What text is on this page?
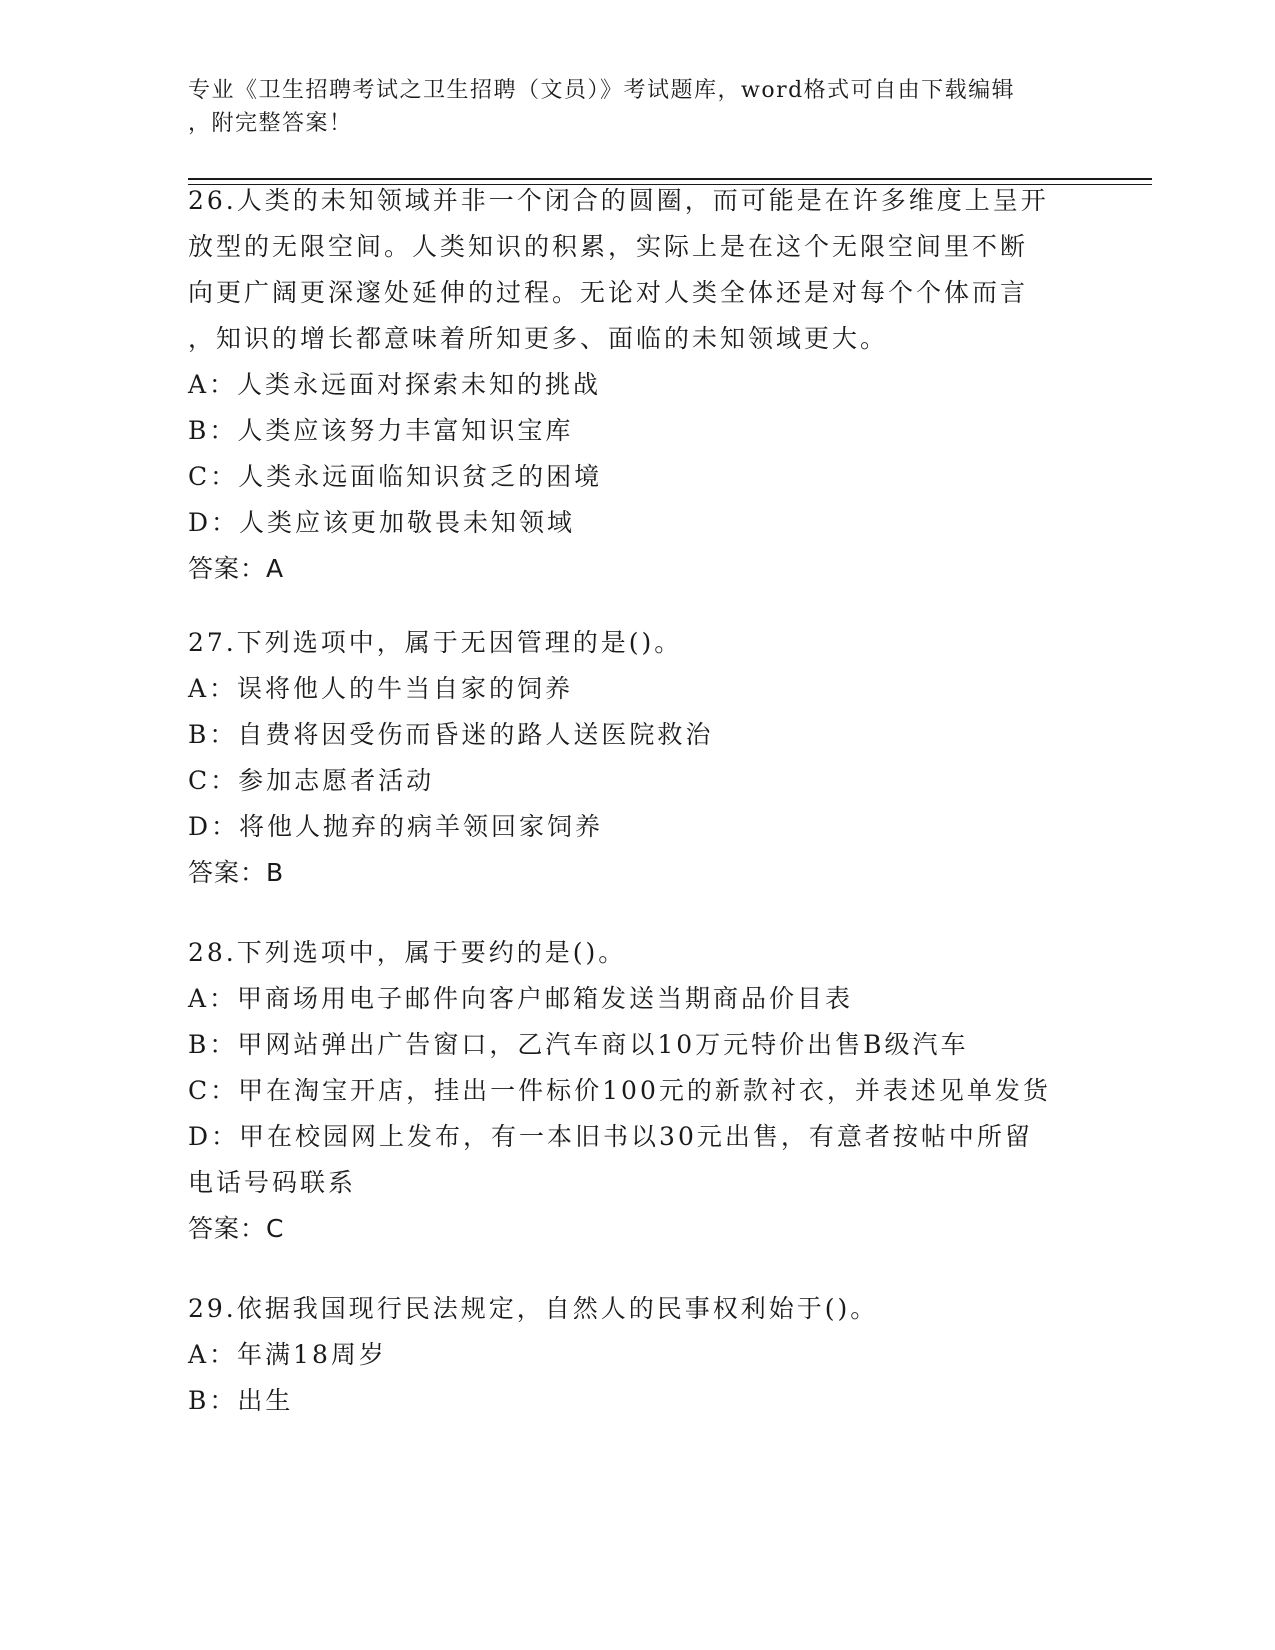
专业《卫生招聘考试之卫生招聘（文员）》考试题库，word格式可自由下载编辑
，附完整答案！
26.人类的未知领域并非一个闭合的圆圈，而可能是在许多维度上呈开
放型的无限空间。人类知识的积累，实际上是在这个无限空间里不断
向更广阔更深邃处延伸的过程。无论对人类全体还是对每个个体而言
，知识的增长都意味着所知更多、面临的未知领域更大。
A：人类永远面对探索未知的挑战
B：人类应该努力丰富知识宝库
C：人类永远面临知识贫乏的困境
D：人类应该更加敬畏未知领域
答案：A
27.下列选项中，属于无因管理的是()。
A：误将他人的牛当自家的饲养
B：自费将因受伤而昏迷的路人送医院救治
C：参加志愿者活动
D：将他人抛弃的病羊领回家饲养
答案：B
28.下列选项中，属于要约的是()。
A：甲商场用电子邮件向客户邮箱发送当期商品价目表
B：甲网站弹出广告窗口，乙汽车商以10万元特价出售B级汽车
C：甲在淘宝开店，挂出一件标价100元的新款衬衣，并表述见单发货
D：甲在校园网上发布，有一本旧书以30元出售，有意者按帖中所留
电话号码联系
答案：C
29.依据我国现行民法规定，自然人的民事权利始于()。
A：年满18周岁
B：出生
